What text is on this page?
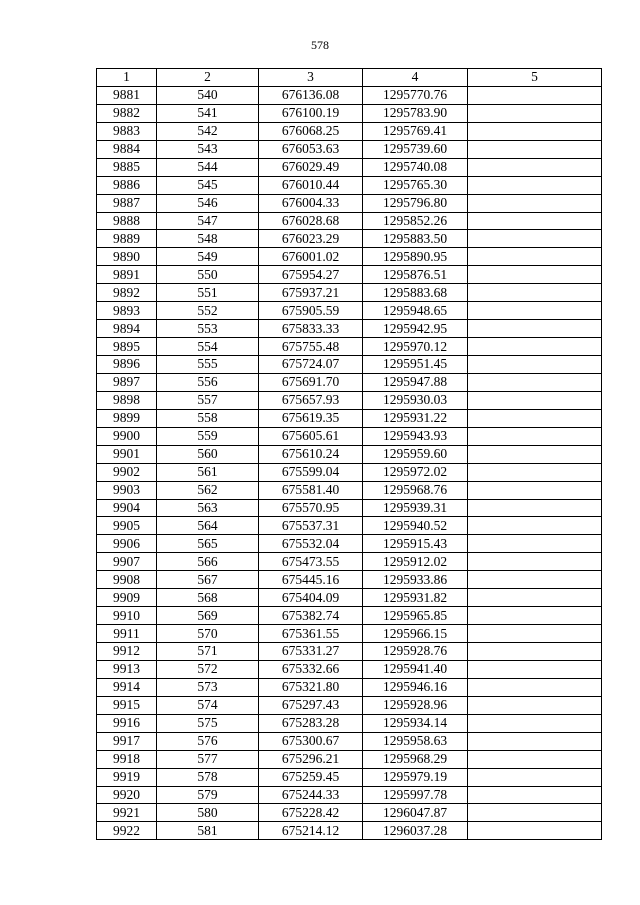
578
1	2	3	4	5
9881	540	676136.08	1295770.76	
9882	541	676100.19	1295783.90	
9883	542	676068.25	1295769.41	
9884	543	676053.63	1295739.60	
9885	544	676029.49	1295740.08	
9886	545	676010.44	1295765.30	
9887	546	676004.33	1295796.80	
9888	547	676028.68	1295852.26	
9889	548	676023.29	1295883.50	
9890	549	676001.02	1295890.95	
9891	550	675954.27	1295876.51	
9892	551	675937.21	1295883.68	
9893	552	675905.59	1295948.65	
9894	553	675833.33	1295942.95	
9895	554	675755.48	1295970.12	
9896	555	675724.07	1295951.45	
9897	556	675691.70	1295947.88	
9898	557	675657.93	1295930.03	
9899	558	675619.35	1295931.22	
9900	559	675605.61	1295943.93	
9901	560	675610.24	1295959.60	
9902	561	675599.04	1295972.02	
9903	562	675581.40	1295968.76	
9904	563	675570.95	1295939.31	
9905	564	675537.31	1295940.52	
9906	565	675532.04	1295915.43	
9907	566	675473.55	1295912.02	
9908	567	675445.16	1295933.86	
9909	568	675404.09	1295931.82	
9910	569	675382.74	1295965.85	
9911	570	675361.55	1295966.15	
9912	571	675331.27	1295928.76	
9913	572	675332.66	1295941.40	
9914	573	675321.80	1295946.16	
9915	574	675297.43	1295928.96	
9916	575	675283.28	1295934.14	
9917	576	675300.67	1295958.63	
9918	577	675296.21	1295968.29	
9919	578	675259.45	1295979.19	
9920	579	675244.33	1295997.78	
9921	580	675228.42	1296047.87	
9922	581	675214.12	1296037.28	
